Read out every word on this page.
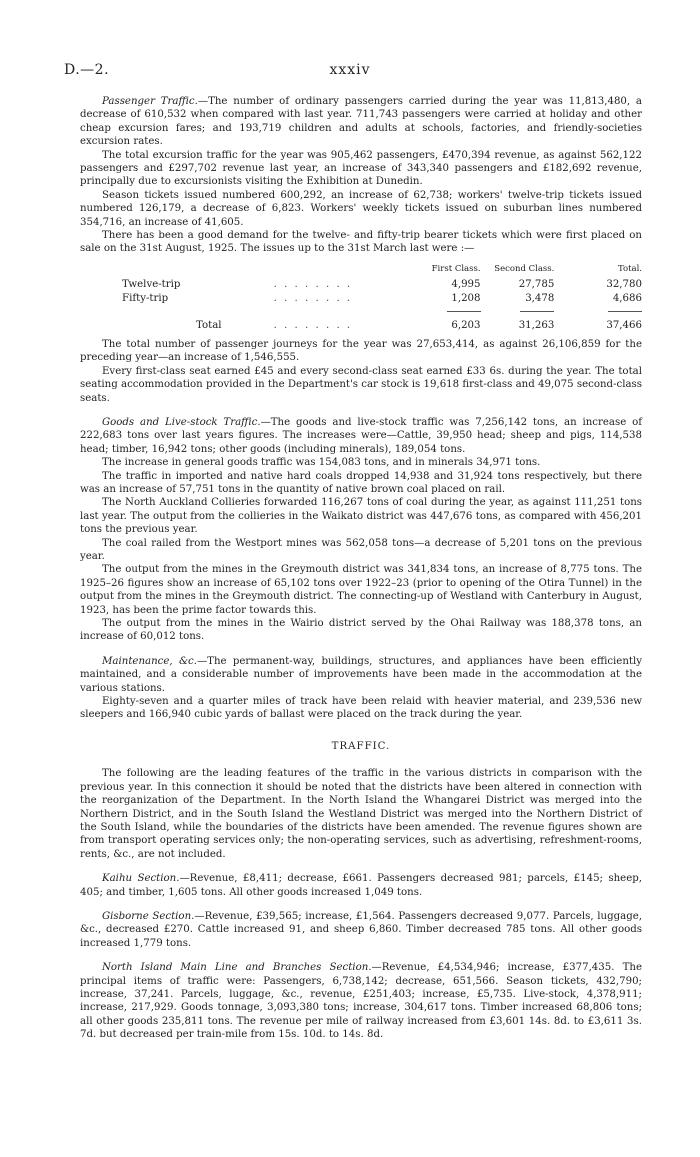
xxxiv
D.—2.

Passenger Traffic.—The number of ordinary passengers carried during the year was 11,813,480, a decrease of 610,532 when compared with last year. 711,743 passengers were carried at holiday and other cheap excursion fares; and 193,719 children and adults at schools, factories, and friendly-societies excursion rates.

The total excursion traffic for the year was 905,462 passengers, £470,394 revenue, as against 562,122 passengers and £297,702 revenue last year, an increase of 343,340 passengers and £182,692 revenue, principally due to excursionists visiting the Exhibition at Dunedin.

Season tickets issued numbered 600,292, an increase of 62,738; workers' twelve-trip tickets issued numbered 126,179, a decrease of 6,823. Workers' weekly tickets issued on suburban lines numbered 354,716, an increase of 41,605.

There has been a good demand for the twelve- and fifty-trip bearer tickets which were first placed on sale on the 31st August, 1925. The issues up to the 31st March last were :—

		First Class.	Second Class.	Total.
Twelve-trip	. . . . . . . .	4,995	27,785	32,780
Fifty-trip	. . . . . . . .	1,208	3,478	4,686

Total	. . . . . . . .	6,203	31,263	37,466

The total number of passenger journeys for the year was 27,653,414, as against 26,106,859 for the preceding year—an increase of 1,546,555.

Every first-class seat earned £45 and every second-class seat earned £33 6s. during the year. The total seating accommodation provided in the Department's car stock is 19,618 first-class and 49,075 second-class seats.

Goods and Live-stock Traffic.—The goods and live-stock traffic was 7,256,142 tons, an increase of 222,683 tons over last years figures. The increases were—Cattle, 39,950 head; sheep and pigs, 114,538 head; timber, 16,942 tons; other goods (including minerals), 189,054 tons.

The increase in general goods traffic was 154,083 tons, and in minerals 34,971 tons.

The traffic in imported and native hard coals dropped 14,938 and 31,924 tons respectively, but there was an increase of 57,751 tons in the quantity of native brown coal placed on rail.

The North Auckland Collieries forwarded 116,267 tons of coal during the year, as against 111,251 tons last year. The output from the collieries in the Waikato district was 447,676 tons, as compared with 456,201 tons the previous year.

The coal railed from the Westport mines was 562,058 tons—a decrease of 5,201 tons on the previous year.

The output from the mines in the Greymouth district was 341,834 tons, an increase of 8,775 tons. The 1925–26 figures show an increase of 65,102 tons over 1922–23 (prior to opening of the Otira Tunnel) in the output from the mines in the Greymouth district. The connecting-up of Westland with Canterbury in August, 1923, has been the prime factor towards this.

The output from the mines in the Wairio district served by the Ohai Railway was 188,378 tons, an increase of 60,012 tons.

Maintenance, &c.—The permanent-way, buildings, structures, and appliances have been efficiently maintained, and a considerable number of improvements have been made in the accommodation at the various stations.

Eighty-seven and a quarter miles of track have been relaid with heavier material, and 239,536 new sleepers and 166,940 cubic yards of ballast were placed on the track during the year.

TRAFFIC.

The following are the leading features of the traffic in the various districts in comparison with the previous year. In this connection it should be noted that the districts have been altered in connection with the reorganization of the Department. In the North Island the Whangarei District was merged into the Northern District, and in the South Island the Westland District was merged into the Northern District of the South Island, while the boundaries of the districts have been amended. The revenue figures shown are from transport operating services only; the non-operating services, such as advertising, refreshment-rooms, rents, &c., are not included.

Kaihu Section.—Revenue, £8,411; decrease, £661. Passengers decreased 981; parcels, £145; sheep, 405; and timber, 1,605 tons. All other goods increased 1,049 tons.

Gisborne Section.—Revenue, £39,565; increase, £1,564. Passengers decreased 9,077. Parcels, luggage, &c., decreased £270. Cattle increased 91, and sheep 6,860. Timber decreased 785 tons. All other goods increased 1,779 tons.

North Island Main Line and Branches Section.—Revenue, £4,534,946; increase, £377,435. The principal items of traffic were: Passengers, 6,738,142; decrease, 651,566. Season tickets, 432,790; increase, 37,241. Parcels, luggage, &c., revenue, £251,403; increase, £5,735. Live-stock, 4,378,911; increase, 217,929. Goods tonnage, 3,093,380 tons; increase, 304,617 tons. Timber increased 68,806 tons; all other goods 235,811 tons. The revenue per mile of railway increased from £3,601 14s. 8d. to £3,611 3s. 7d. but decreased per train-mile from 15s. 10d. to 14s. 8d.
